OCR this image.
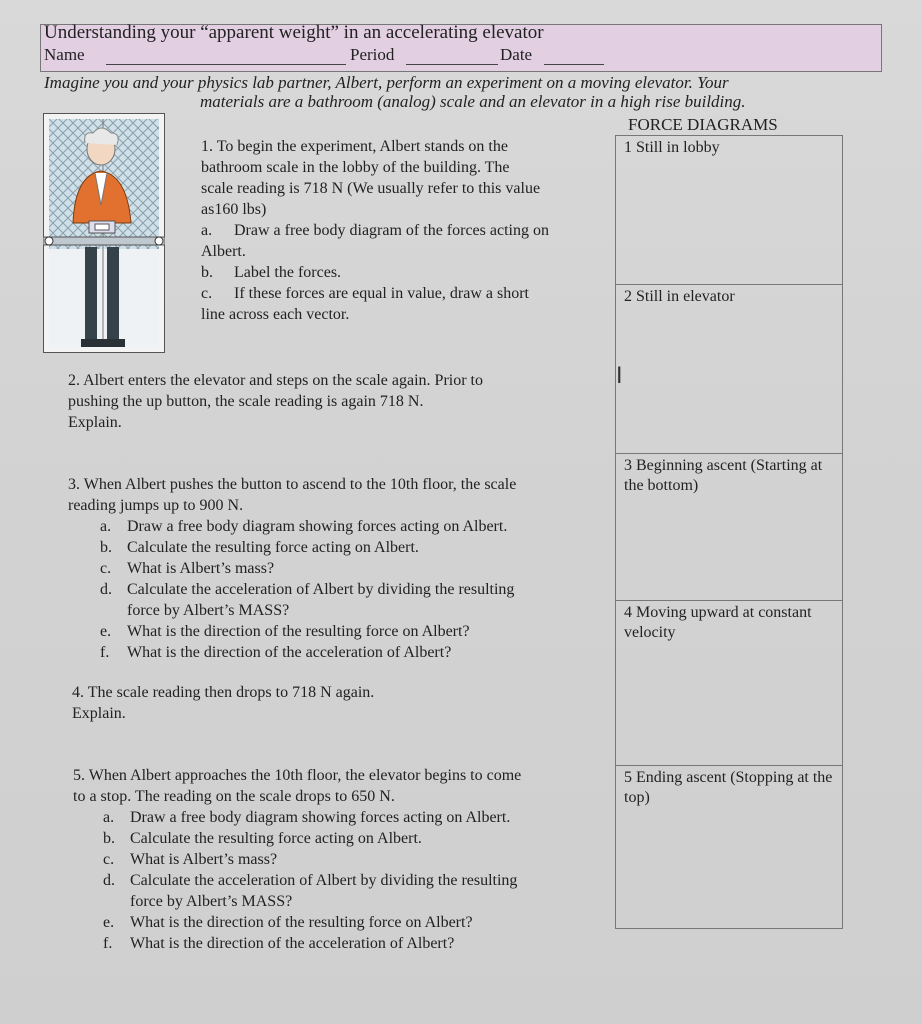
Understanding your “apparent weight” in an accelerating elevator
Name	Period	Date
Imagine you and your physics lab partner, Albert, perform an experiment on a moving elevator. Your
materials are a bathroom (analog) scale and an elevator in a high rise building.
1. To begin the experiment, Albert stands on the
bathroom scale in the lobby of the building. The
scale reading is 718 N (We usually refer to this value
as160 lbs)
a. Draw a free body diagram of the forces acting on
Albert.
b. Label the forces.
c. If these forces are equal in value, draw a short
line across each vector.
2. Albert enters the elevator and steps on the scale again. Prior to
pushing the up button, the scale reading is again 718 N.
Explain.
3. When Albert pushes the button to ascend to the 10th floor, the scale
reading jumps up to 900 N.
a. Draw a free body diagram showing forces acting on Albert.
b. Calculate the resulting force acting on Albert.
c. What is Albert’s mass?
d. Calculate the acceleration of Albert by dividing the resulting
force by Albert’s MASS?
e. What is the direction of the resulting force on Albert?
f. What is the direction of the acceleration of Albert?
4. The scale reading then drops to 718 N again.
Explain.
5. When Albert approaches the 10th floor, the elevator begins to come
to a stop. The reading on the scale drops to 650 N.
a. Draw a free body diagram showing forces acting on Albert.
b. Calculate the resulting force acting on Albert.
c. What is Albert’s mass?
d. Calculate the acceleration of Albert by dividing the resulting
force by Albert’s MASS?
e. What is the direction of the resulting force on Albert?
f. What is the direction of the acceleration of Albert?
FORCE DIAGRAMS
1 Still in lobby
2 Still in elevator
3 Beginning ascent (Starting at the bottom)
4 Moving upward at constant velocity
5 Ending ascent (Stopping at the top)
I
